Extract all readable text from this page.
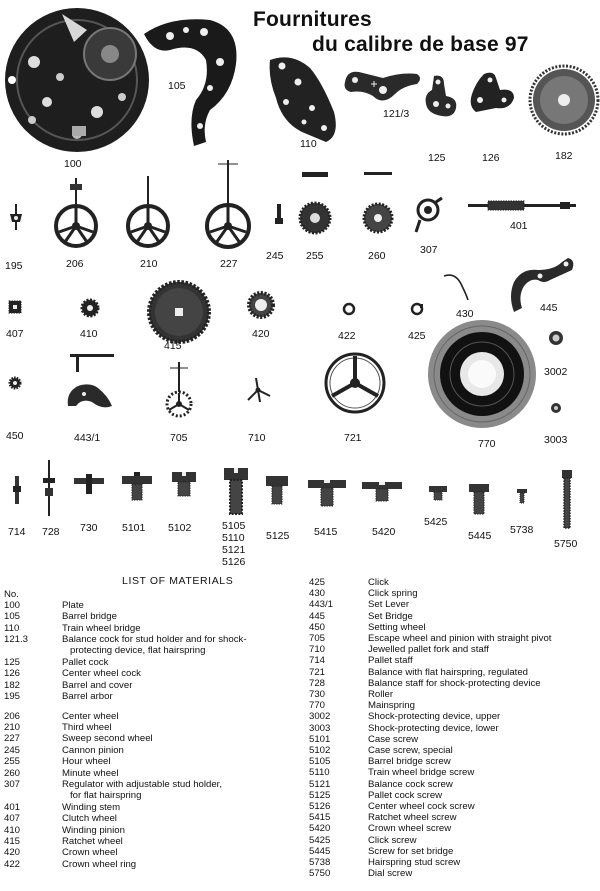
Fournitures
du calibre de base 97
100
105
110
121/3
125	126	182
195	206	210	227
245 255	260	307
401
407	410
415
420	422	425
430	445
450	443/1	705	710	721	770
3002
3003
714 728 730 5101 5102	5105
5110
5121
5126
5125 5415	5420
5425
5445 5738
5750
LIST OF MATERIALS
No.
100	Plate
105	Barrel bridge
110	Train wheel bridge
121.3	Balance cock for stud holder and for shock-
protecting device, flat hairspring
125	Pallet cock
126	Center wheel cock
182	Barrel and cover
195	Barrel arbor
206	Center wheel
210	Third wheel
227	Sweep second wheel
245	Cannon pinion
255	Hour wheel
260	Minute wheel
307	Regulator with adjustable stud holder,
for flat hairspring
401	Winding stem
407	Clutch wheel
410	Winding pinion
415	Ratchet wheel
420	Crown wheel
422	Crown wheel ring
425	Click
430	Click spring
443/1	Set Lever
445	Set Bridge
450	Setting wheel
705	Escape wheel and pinion with straight pivot
710	Jewelled pallet fork and staff
714	Pallet staff
721	Balance with flat hairspring, regulated
728	Balance staff for shock-protecting device
730	Roller
770	Mainspring
3002	Shock-protecting device, upper
3003	Shock-protecting device, lower
5101	Case screw
5102	Case screw, special
5105	Barrel bridge screw
5110	Train wheel bridge screw
5121	Balance cock screw
5125	Pallet cock screw
5126	Center wheel cock screw
5415	Ratchet wheel screw
5420	Crown wheel screw
5425	Click screw
5445	Screw for set bridge
5738	Hairspring stud screw
5750	Dial screw
